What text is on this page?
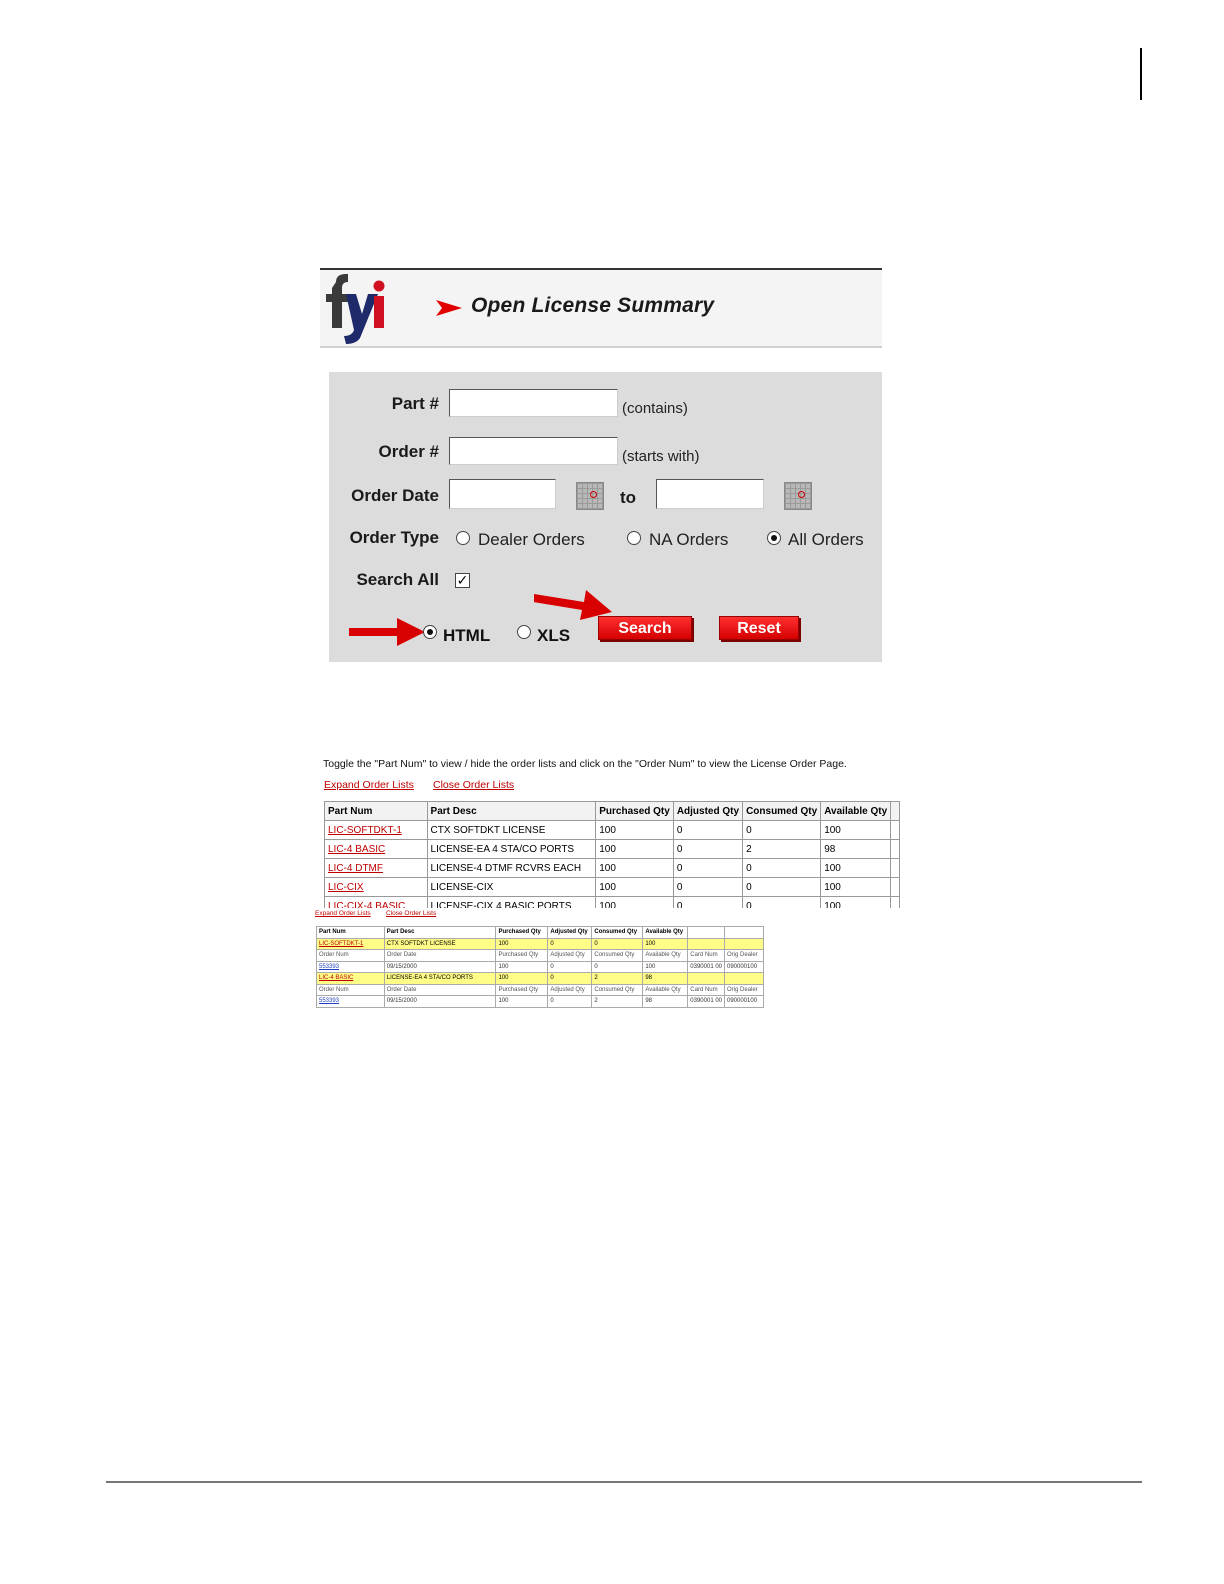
Open License Summary
Part #	(contains)
Order #	(starts with)
Order Date	to
Order Type Dealer Orders	NA Orders	All Orders
Search All ✓
HTML	XLS	Search	Reset
Toggle the "Part Num" to view / hide the order lists and click on the "Order Num" to view the License Order Page.
Expand Order Lists Close Order Lists
Part Num	Part Desc	Purchased Qty	Adjusted Qty	Consumed Qty	Available Qty	
LIC-SOFTDKT-1	CTX SOFTDKT LICENSE	100	0	0	100	
LIC-4 BASIC	LICENSE-EA 4 STA/CO PORTS	100	0	2	98	
LIC-4 DTMF	LICENSE-4 DTMF RCVRS EACH	100	0	0	100	
LIC-CIX	LICENSE-CIX	100	0	0	100	
LIC-CIX-4 BASIC	LICENSE-CIX 4 BASIC PORTS	100	0	0	100	
Expand Order Lists Close Order Lists
Part Num	Part Desc	Purchased Qty	Adjusted Qty	Consumed Qty	Available Qty		
LIC-SOFTDKT-1	CTX SOFTDKT LICENSE	100	0	0	100		
Order Num	Order Date	Purchased Qty	Adjusted Qty	Consumed Qty	Available Qty	Card Num	Orig Dealer
553393	09/15/2000	100	0	0	100	0390001 00	090000100
LIC-4 BASIC	LICENSE-EA 4 STA/CO PORTS	100	0	2	98		
Order Num	Order Date	Purchased Qty	Adjusted Qty	Consumed Qty	Available Qty	Card Num	Orig Dealer
553393	09/15/2000	100	0	2	98	0390001 00	090000100
